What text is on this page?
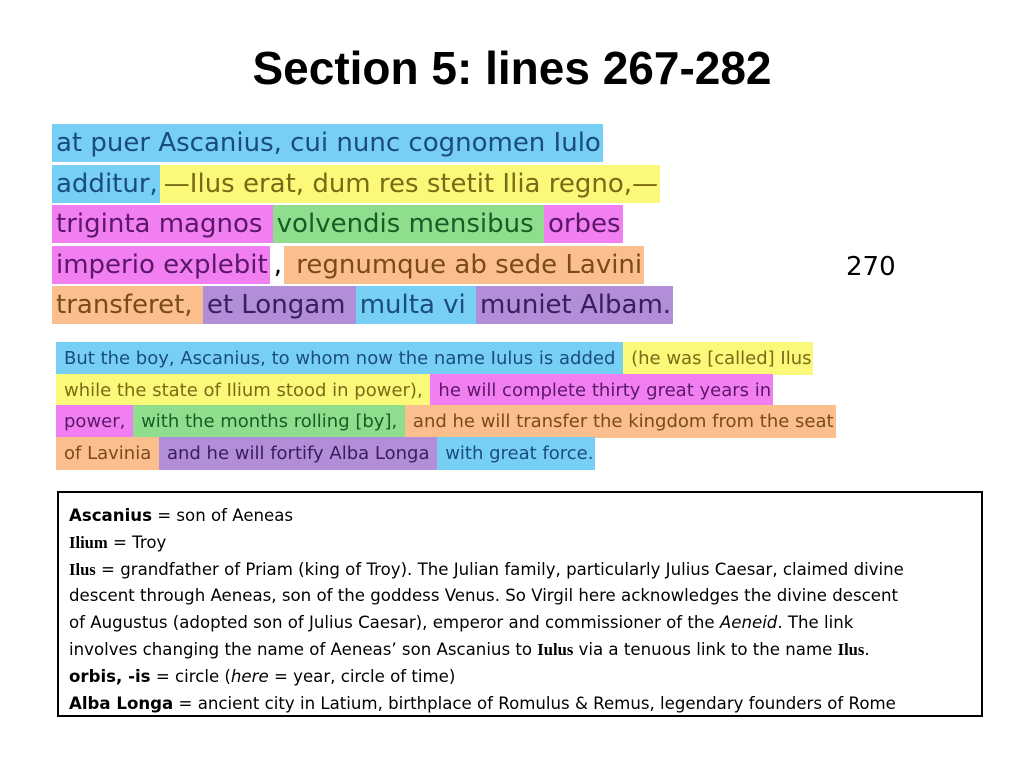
Section 5: lines 267-282
at puer Ascanius, cui nunc cognomen Iulo
additur, —Ilus erat, dum res stetit Ilia regno,—
triginta magnos volvendis mensibus orbes
imperio explebit , regnumque ab sede Lavini
transferet, et Longam multa vi muniet Albam.
270
But the boy, Ascanius, to whom now the name Iulus is added (he was [called] Ilus
while the state of Ilium stood in power), he will complete thirty great years in
power, with the months rolling [by], and he will transfer the kingdom from the seat
of Lavinia and he will fortify Alba Longa with great force.
Ascanius = son of Aeneas
Ilium = Troy
Ilus = grandfather of Priam (king of Troy). The Julian family, particularly Julius Caesar, claimed divine
descent through Aeneas, son of the goddess Venus. So Virgil here acknowledges the divine descent
of Augustus (adopted son of Julius Caesar), emperor and commissioner of the Aeneid. The link
involves changing the name of Aeneas’ son Ascanius to Iulus via a tenuous link to the name Ilus.
orbis, -is = circle (here = year, circle of time)
Alba Longa = ancient city in Latium, birthplace of Romulus & Remus, legendary founders of Rome
